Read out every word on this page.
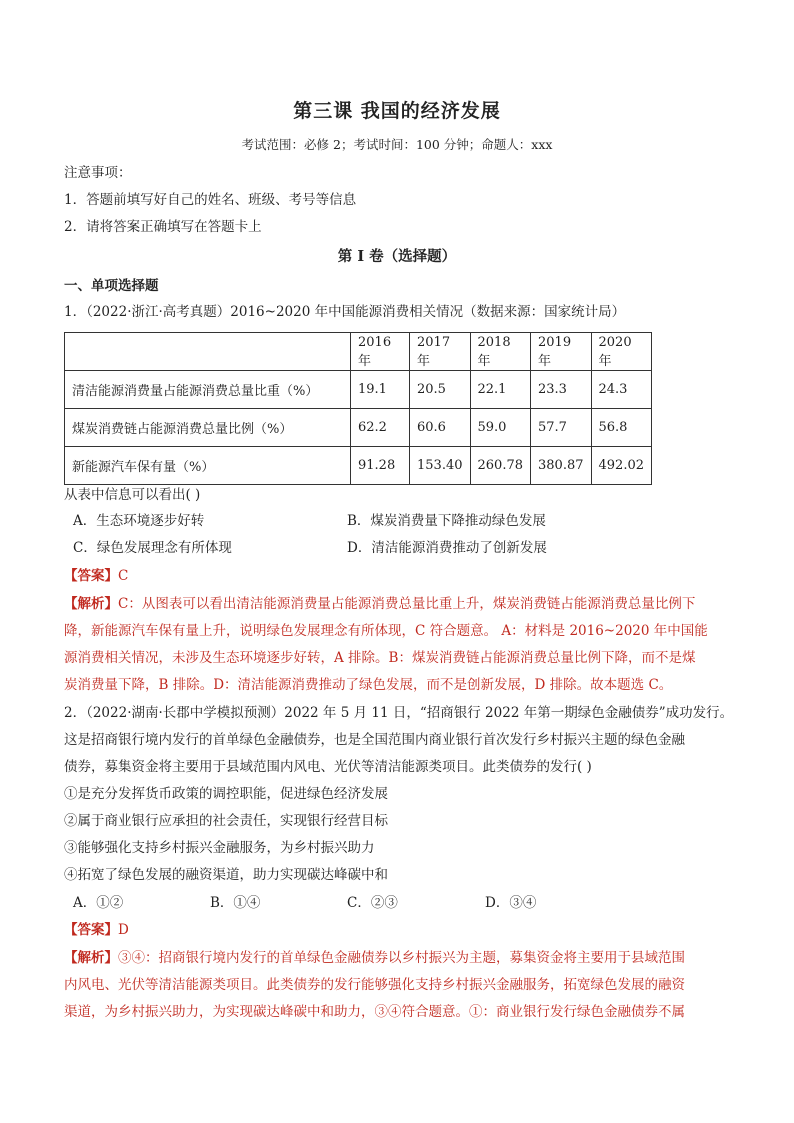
第三课 我国的经济发展
考试范围：必修 2；考试时间：100 分钟；命题人：xxx
注意事项：
1．答题前填写好自己的姓名、班级、考号等信息
2．请将答案正确填写在答题卡上
第 I 卷（选择题）
一、单项选择题
1．（2022·浙江·高考真题）2016~2020 年中国能源消费相关情况（数据来源：国家统计局）
	2016 年	2017 年	2018 年	2019 年	2020 年
清洁能源消费量占能源消费总量比重（%）	19.1	20.5	22.1	23.3	24.3
煤炭消费链占能源消费总量比例（%）	62.2	60.6	59.0	57.7	56.8
新能源汽车保有量（%）	91.28	153.40	260.78	380.87	492.02
从表中信息可以看出( )
A．生态环境逐步好转	B．煤炭消费量下降推动绿色发展
C．绿色发展理念有所体现	D．清洁能源消费推动了创新发展
【答案】C
【解析】C：从图表可以看出清洁能源消费量占能源消费总量比重上升，煤炭消费链占能源消费总量比例下
降，新能源汽车保有量上升，说明绿色发展理念有所体现，C 符合题意。 A：材料是 2016~2020 年中国能
源消费相关情况，未涉及生态环境逐步好转，A 排除。B：煤炭消费链占能源消费总量比例下降，而不是煤
炭消费量下降，B 排除。D：清洁能源消费推动了绿色发展，而不是创新发展，D 排除。故本题选 C。
2．（2022·湖南·长郡中学模拟预测）2022 年 5 月 11 日，“招商银行 2022 年第一期绿色金融债券”成功发行。
这是招商银行境内发行的首单绿色金融债券，也是全国范围内商业银行首次发行乡村振兴主题的绿色金融
债券，募集资金将主要用于县域范围内风电、光伏等清洁能源类项目。此类债券的发行( )
①是充分发挥货币政策的调控职能，促进绿色经济发展
②属于商业银行应承担的社会责任，实现银行经营目标
③能够强化支持乡村振兴金融服务，为乡村振兴助力
④拓宽了绿色发展的融资渠道，助力实现碳达峰碳中和
A．①②	B．①④	C．②③	D．③④
【答案】D
【解析】③④：招商银行境内发行的首单绿色金融债券以乡村振兴为主题，募集资金将主要用于县域范围
内风电、光伏等清洁能源类项目。此类债券的发行能够强化支持乡村振兴金融服务，拓宽绿色发展的融资
渠道，为乡村振兴助力，为实现碳达峰碳中和助力，③④符合题意。①：商业银行发行绿色金融债券不属
